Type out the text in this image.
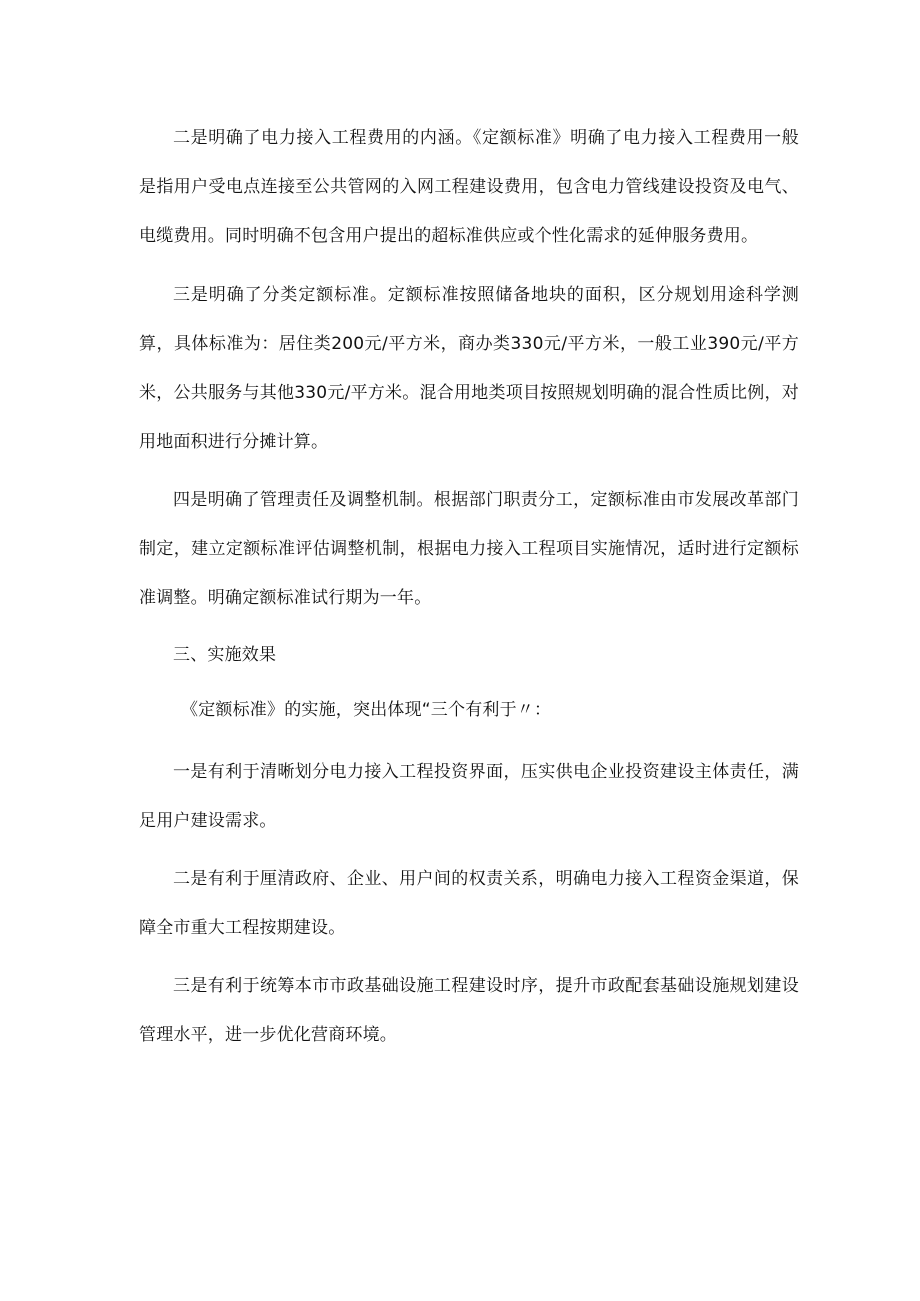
二是明确了电力接入工程费用的内涵。《定额标准》明确了电力接入工程费用一般是指用户受电点连接至公共管网的入网工程建设费用，包含电力管线建设投资及电气、电缆费用。同时明确不包含用户提出的超标准供应或个性化需求的延伸服务费用。

三是明确了分类定额标准。定额标准按照储备地块的面积，区分规划用途科学测算，具体标准为：居住类200元/平方米，商办类330元/平方米，一般工业390元/平方米，公共服务与其他330元/平方米。混合用地类项目按照规划明确的混合性质比例，对用地面积进行分摊计算。

四是明确了管理责任及调整机制。根据部门职责分工，定额标准由市发展改革部门制定，建立定额标准评估调整机制，根据电力接入工程项目实施情况，适时进行定额标准调整。明确定额标准试行期为一年。

三、实施效果

《定额标准》的实施，突出体现“三个有利于〃：

一是有利于清晰划分电力接入工程投资界面，压实供电企业投资建设主体责任，满足用户建设需求。

二是有利于厘清政府、企业、用户间的权责关系，明确电力接入工程资金渠道，保障全市重大工程按期建设。

三是有利于统筹本市市政基础设施工程建设时序，提升市政配套基础设施规划建设管理水平，进一步优化营商环境。
